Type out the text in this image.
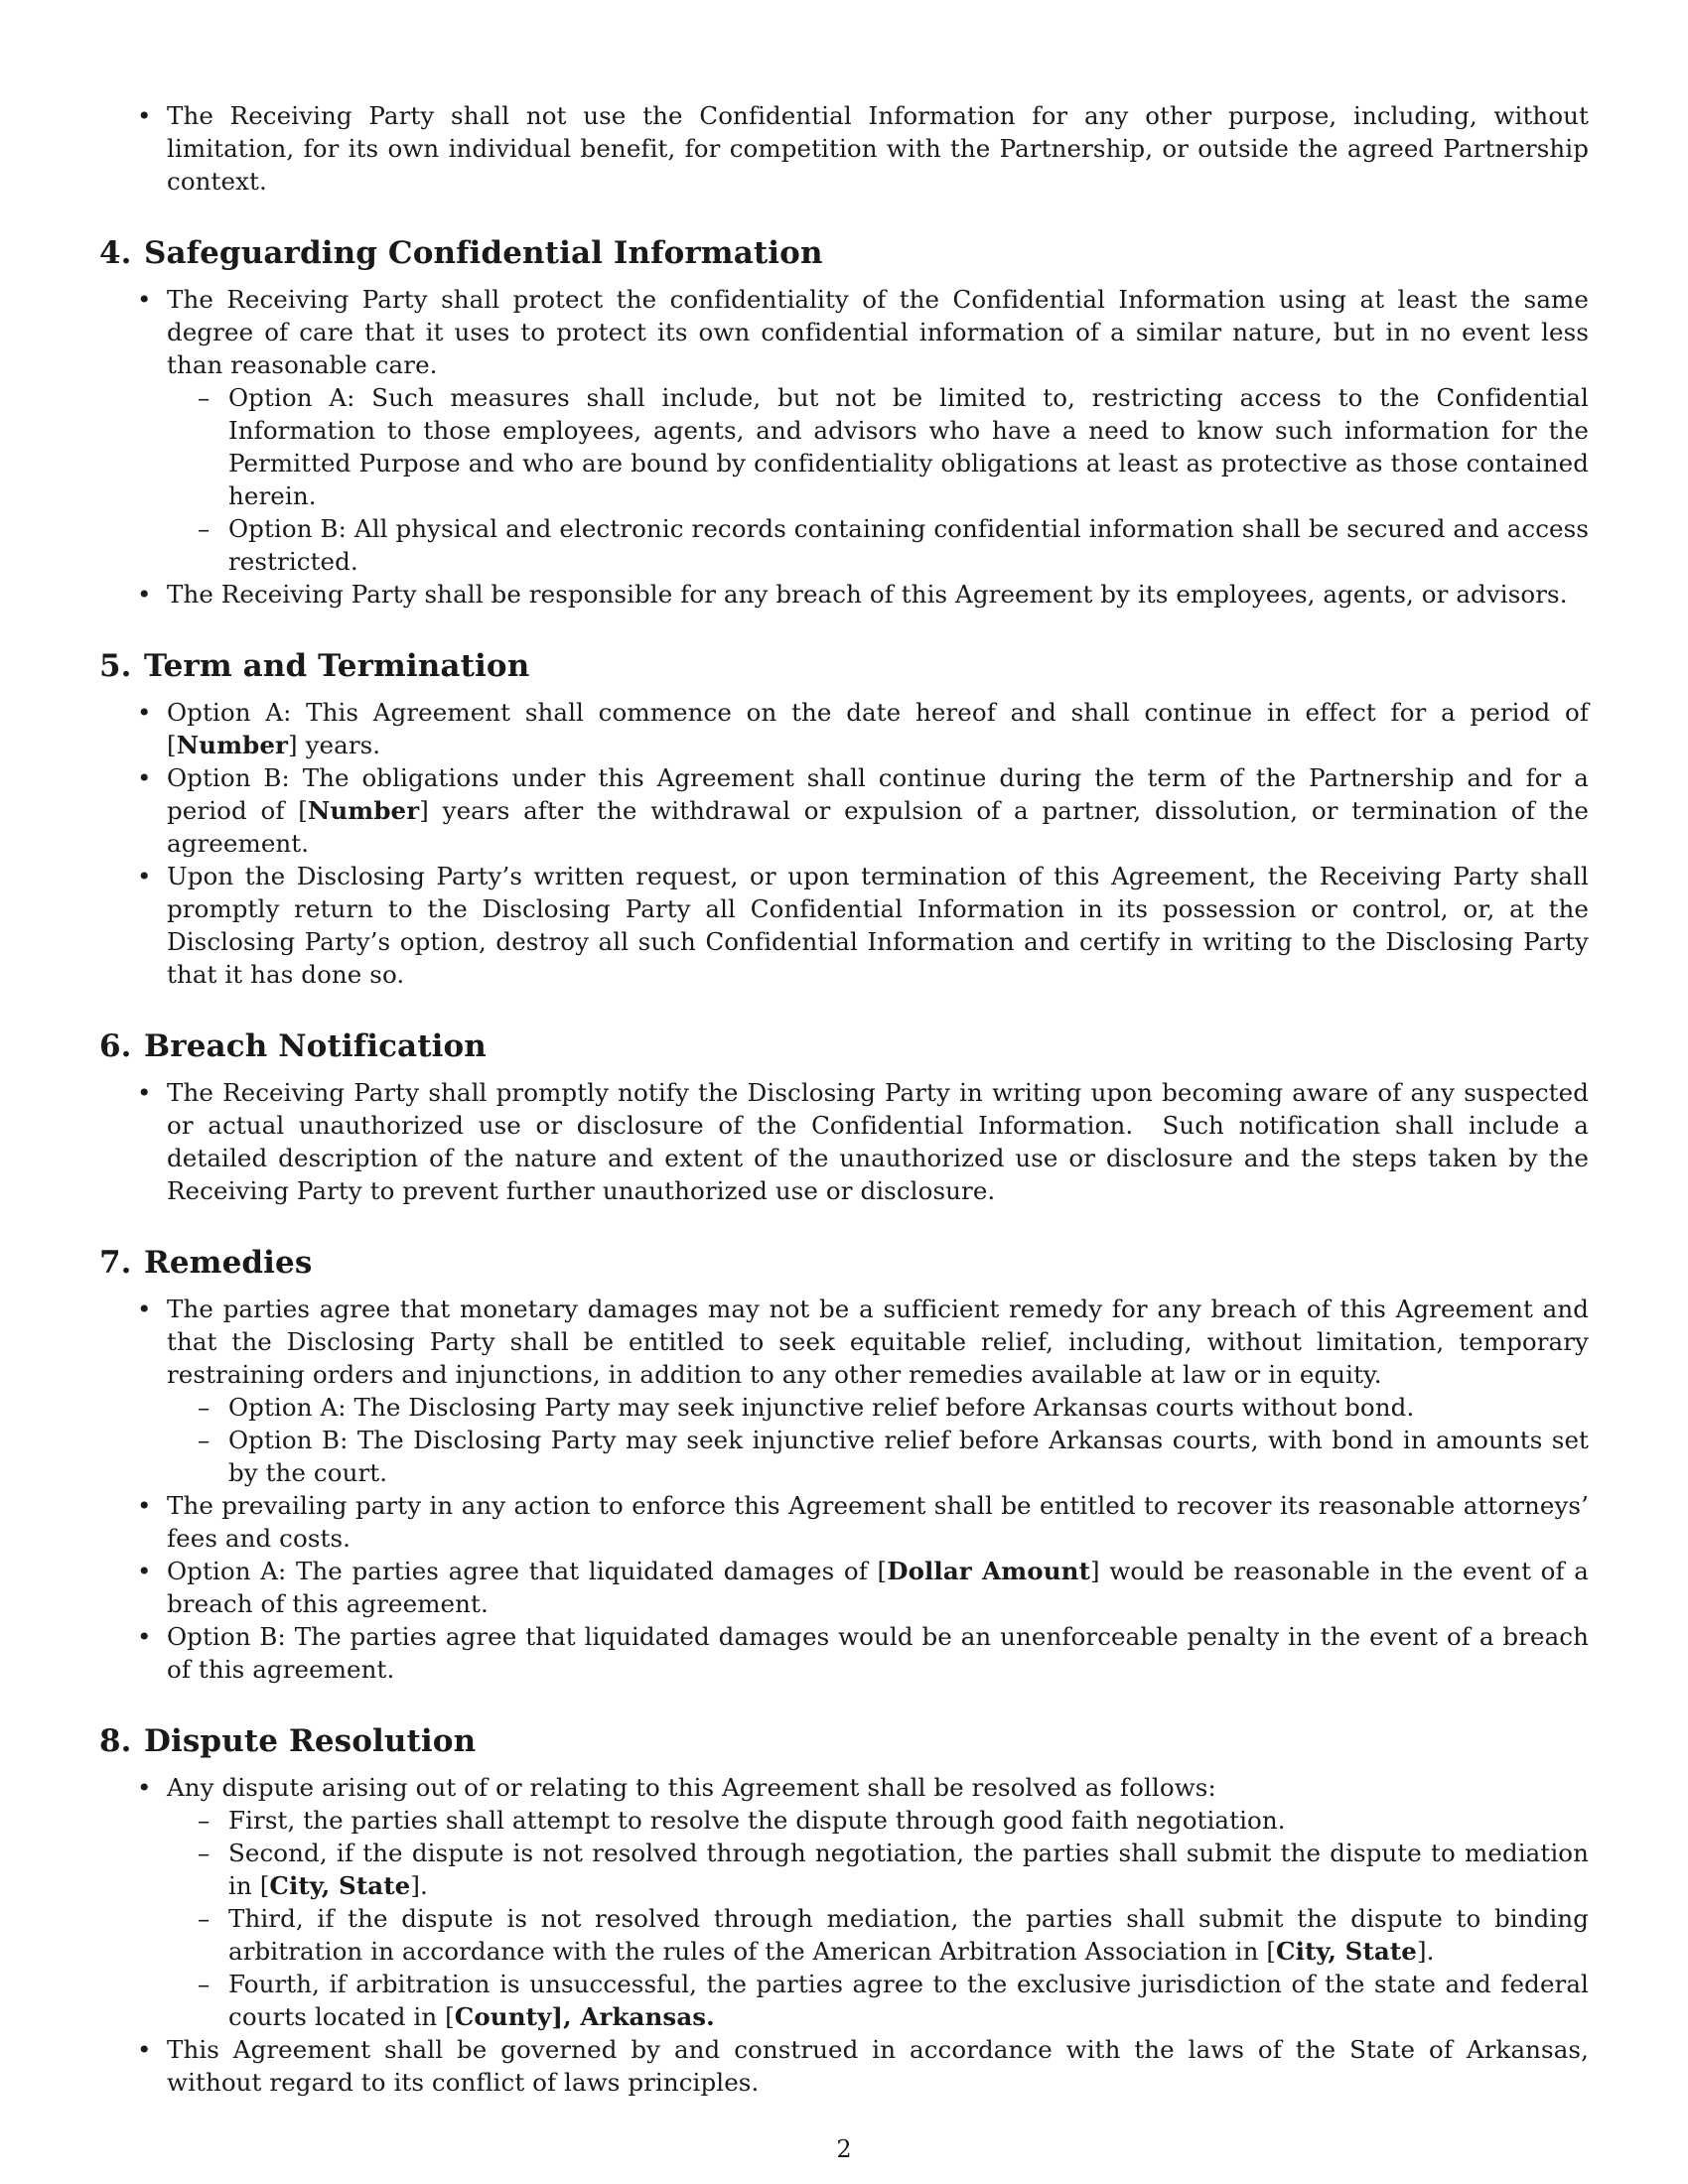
• The Receiving Party shall not use the Confidential Information for any other purpose, including, without limitation, for its own individual benefit, for competition with the Partnership, or outside the agreed Partnership context.
4. Safeguarding Confidential Information
• The Receiving Party shall protect the confidentiality of the Confidential Information using at least the same degree of care that it uses to protect its own confidential information of a similar nature, but in no event less than reasonable care.
– Option A: Such measures shall include, but not be limited to, restricting access to the Confidential Information to those employees, agents, and advisors who have a need to know such information for the Permitted Purpose and who are bound by confidentiality obligations at least as protective as those contained herein.
– Option B: All physical and electronic records containing confidential information shall be secured and access restricted.
• The Receiving Party shall be responsible for any breach of this Agreement by its employees, agents, or advisors.
5. Term and Termination
• Option A: This Agreement shall commence on the date hereof and shall continue in effect for a period of [Number] years.
• Option B: The obligations under this Agreement shall continue during the term of the Partnership and for a period of [Number] years after the withdrawal or expulsion of a partner, dissolution, or termination of the agreement.
• Upon the Disclosing Party’s written request, or upon termination of this Agreement, the Receiving Party shall promptly return to the Disclosing Party all Confidential Information in its possession or control, or, at the Disclosing Party’s option, destroy all such Confidential Information and certify in writing to the Disclosing Party that it has done so.
6. Breach Notification
• The Receiving Party shall promptly notify the Disclosing Party in writing upon becoming aware of any suspected or actual unauthorized use or disclosure of the Confidential Information.  Such notification shall include a detailed description of the nature and extent of the unauthorized use or disclosure and the steps taken by the Receiving Party to prevent further unauthorized use or disclosure.
7. Remedies
• The parties agree that monetary damages may not be a sufficient remedy for any breach of this Agreement and that the Disclosing Party shall be entitled to seek equitable relief, including, without limitation, temporary restraining orders and injunctions, in addition to any other remedies available at law or in equity.
– Option A: The Disclosing Party may seek injunctive relief before Arkansas courts without bond.
– Option B: The Disclosing Party may seek injunctive relief before Arkansas courts, with bond in amounts set by the court.
• The prevailing party in any action to enforce this Agreement shall be entitled to recover its reasonable attorneys’ fees and costs.
• Option A: The parties agree that liquidated damages of [Dollar Amount] would be reasonable in the event of a breach of this agreement.
• Option B: The parties agree that liquidated damages would be an unenforceable penalty in the event of a breach of this agreement.
8. Dispute Resolution
• Any dispute arising out of or relating to this Agreement shall be resolved as follows:
– First, the parties shall attempt to resolve the dispute through good faith negotiation.
– Second, if the dispute is not resolved through negotiation, the parties shall submit the dispute to mediation in [City, State].
– Third, if the dispute is not resolved through mediation, the parties shall submit the dispute to binding arbitration in accordance with the rules of the American Arbitration Association in [City, State].
– Fourth, if arbitration is unsuccessful, the parties agree to the exclusive jurisdiction of the state and federal courts located in [County], Arkansas.
• This Agreement shall be governed by and construed in accordance with the laws of the State of Arkansas, without regard to its conflict of laws principles.
2
